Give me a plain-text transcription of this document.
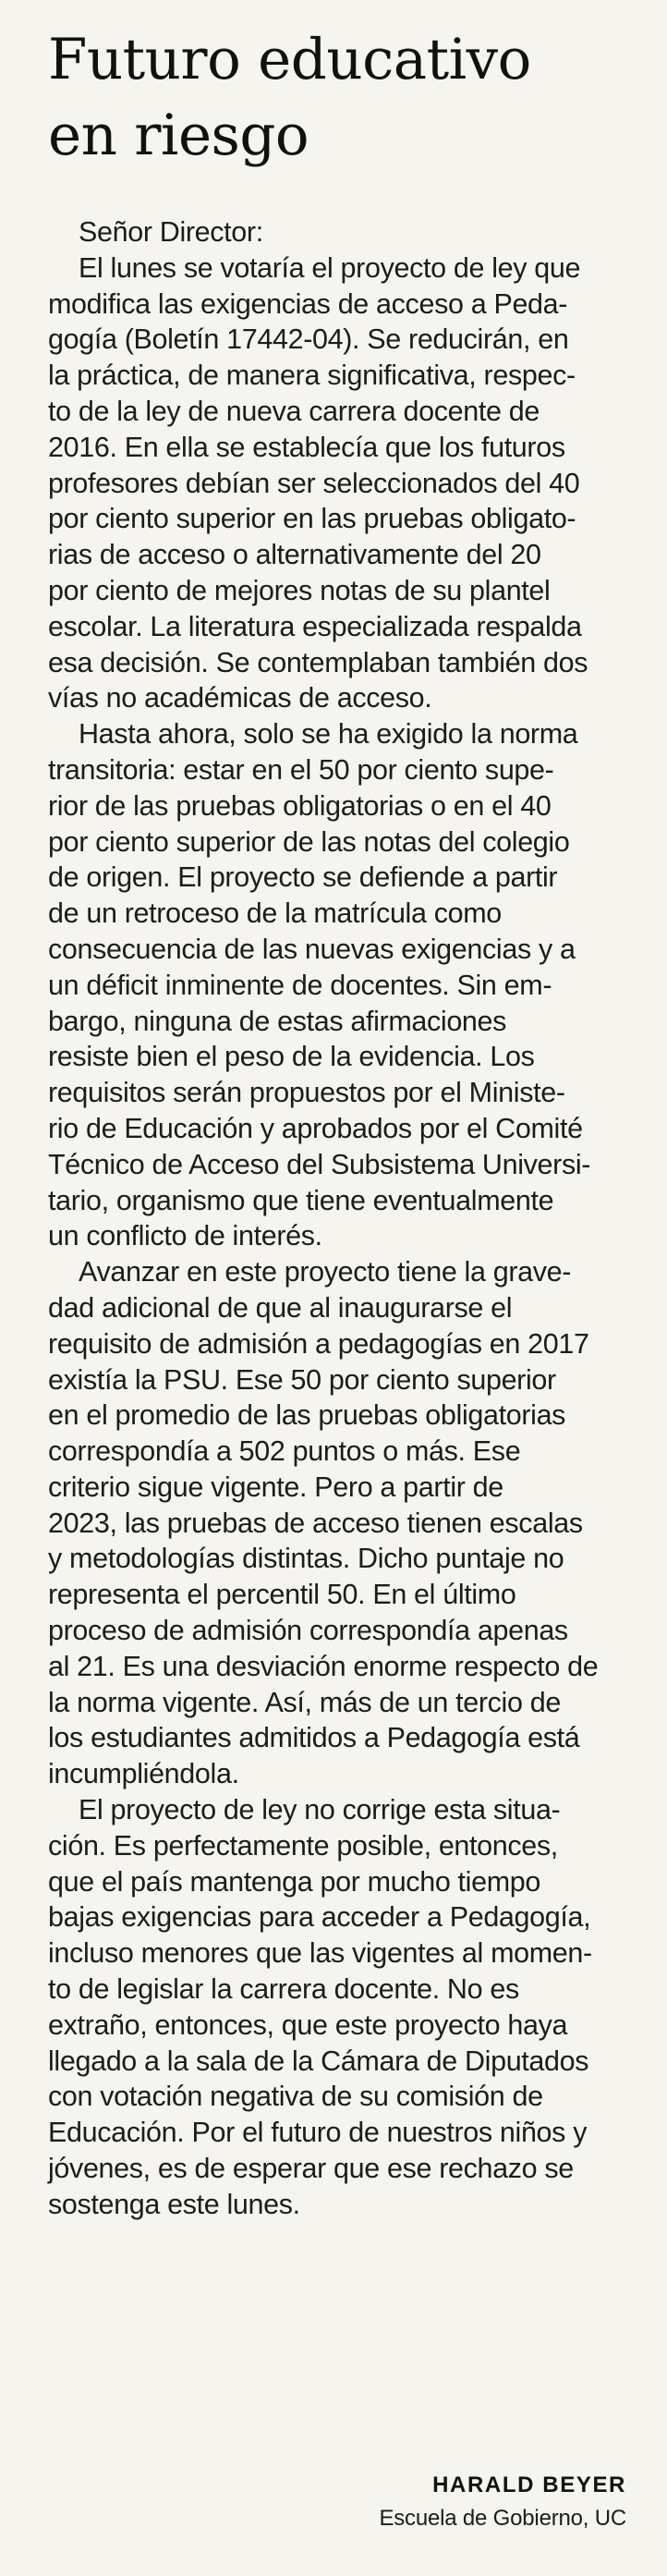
Futuro educativo
en riesgo
Señor Director:
El lunes se votaría el proyecto de ley que
modifica las exigencias de acceso a Peda-
gogía (Boletín 17442-04). Se reducirán, en
la práctica, de manera significativa, respec-
to de la ley de nueva carrera docente de
2016. En ella se establecía que los futuros
profesores debían ser seleccionados del 40
por ciento superior en las pruebas obligato-
rias de acceso o alternativamente del 20
por ciento de mejores notas de su plantel
escolar. La literatura especializada respalda
esa decisión. Se contemplaban también dos
vías no académicas de acceso.
Hasta ahora, solo se ha exigido la norma
transitoria: estar en el 50 por ciento supe-
rior de las pruebas obligatorias o en el 40
por ciento superior de las notas del colegio
de origen. El proyecto se defiende a partir
de un retroceso de la matrícula como
consecuencia de las nuevas exigencias y a
un déficit inminente de docentes. Sin em-
bargo, ninguna de estas afirmaciones
resiste bien el peso de la evidencia. Los
requisitos serán propuestos por el Ministe-
rio de Educación y aprobados por el Comité
Técnico de Acceso del Subsistema Universi-
tario, organismo que tiene eventualmente
un conflicto de interés.
Avanzar en este proyecto tiene la grave-
dad adicional de que al inaugurarse el
requisito de admisión a pedagogías en 2017
existía la PSU. Ese 50 por ciento superior
en el promedio de las pruebas obligatorias
correspondía a 502 puntos o más. Ese
criterio sigue vigente. Pero a partir de
2023, las pruebas de acceso tienen escalas
y metodologías distintas. Dicho puntaje no
representa el percentil 50. En el último
proceso de admisión correspondía apenas
al 21. Es una desviación enorme respecto de
la norma vigente. Así, más de un tercio de
los estudiantes admitidos a Pedagogía está
incumpliéndola.
El proyecto de ley no corrige esta situa-
ción. Es perfectamente posible, entonces,
que el país mantenga por mucho tiempo
bajas exigencias para acceder a Pedagogía,
incluso menores que las vigentes al momen-
to de legislar la carrera docente. No es
extraño, entonces, que este proyecto haya
llegado a la sala de la Cámara de Diputados
con votación negativa de su comisión de
Educación. Por el futuro de nuestros niños y
jóvenes, es de esperar que ese rechazo se
sostenga este lunes.
HARALD BEYER
Escuela de Gobierno, UC
